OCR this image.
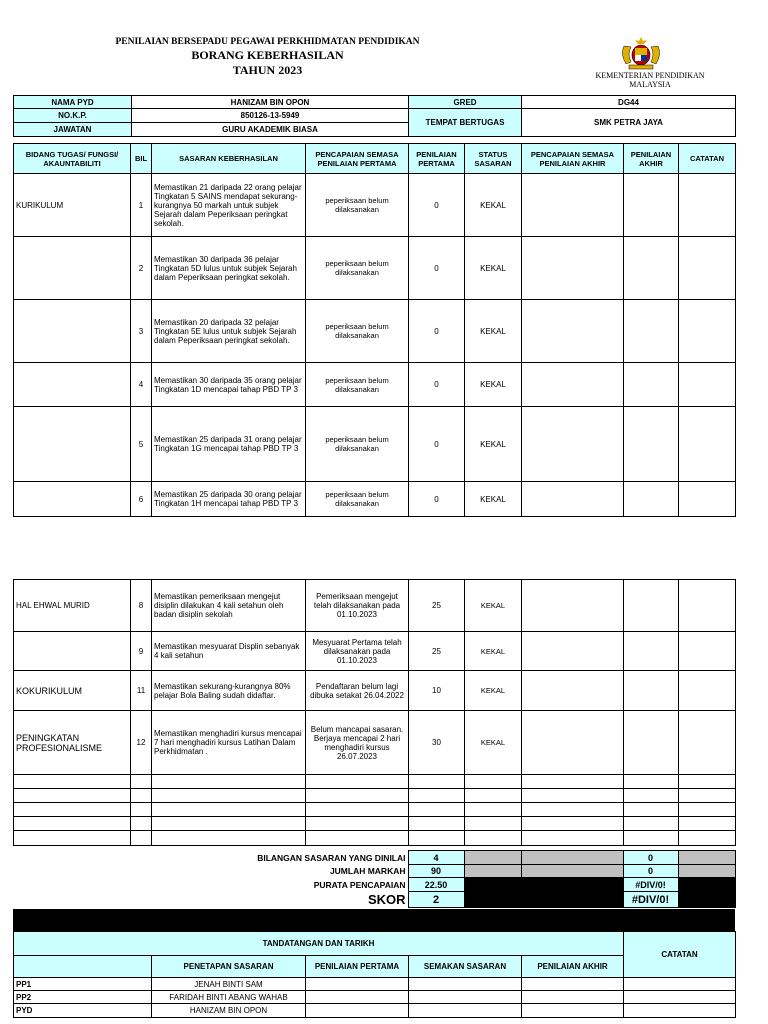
PENILAIAN BERSEPADU PEGAWAI PERKHIDMATAN PENDIDIKAN
BORANG KEBERHASILAN
TAHUN 2023	KEMENTERIAN PENDIDIKAN
MALAYSIA
NAMA PYD	HANIZAM BIN OPON	GRED	DG44
NO.K.P.	850126-13-5949	TEMPAT BERTUGAS	SMK PETRA JAYA
JAWATAN	GURU AKADEMIK BIASA		
BIDANG TUGAS/ FUNGSI/ AKAUNTABILITI	BIL	SASARAN KEBERHASILAN	PENCAPAIAN SEMASA PENILAIAN PERTAMA	PENILAIAN PERTAMA	STATUS SASARAN	PENCAPAIAN SEMASA PENILAIAN AKHIR	PENILAIAN AKHIR	CATATAN
KURIKULUM	1	Memastikan 21 daripada 22 orang pelajar Tingkatan 5 SAINS mendapat sekurang-kurangnya 50 markah untuk subjek Sejarah dalam Peperiksaan peringkat sekolah.	peperiksaan belum dilaksanakan	0	KEKAL			
	2	Memastikan 30 daripada 36 pelajar Tingkatan 5D lulus untuk subjek Sejarah dalam Peperiksaan peringkat sekolah.	peperiksaan belum dilaksanakan	0	KEKAL			
	3	Memastikan 20 daripada 32 pelajar Tingkatan 5E lulus untuk subjek Sejarah dalam Peperiksaan peringkat sekolah.	peperiksaan belum dilaksanakan	0	KEKAL			
	4	Memastikan 30 daripada 35 orang pelajar Tingkatan 1D mencapai tahap PBD TP 3	peperiksaan belum dilaksanakan	0	KEKAL			
	5	Memastikan 25 daripada 31 orang pelajar Tingkatan 1G mencapai tahap PBD TP 3	peperiksaan belum dilaksanakan	0	KEKAL			
	6	Memastikan 25 daripada 30 orang pelajar Tingkatan 1H mencapai tahap PBD TP 3	peperiksaan belum dilaksanakan	0	KEKAL			
HAL EHWAL MURID	8	Memastikan pemeriksaan mengejut disiplin dilakukan 4 kali setahun oleh badan disiplin sekolah	Pemeriksaan mengejut telah dilaksanakan pada 01.10.2023	25	KEKAL			
	9	Memastikan mesyuarat Displin sebanyak 4 kali setahun	Mesyuarat Pertama telah dilaksanakan pada 01.10.2023	25	KEKAL			
KOKURIKULUM	11	Memastikan sekurang-kurangnya 80% pelajar Bola Baling sudah didaftar.	Pendaftaran belum lagi dibuka setakat 26.04.2022	10	KEKAL			
PENINGKATAN PROFESIONALISME	12	Memastikan menghadiri kursus mencapai 7 hari menghadiri kursus Latihan Dalam Perkhidmatan .	Belum mancapai sasaran. Berjaya mencapai 2 hari menghadiri kursus 26.07.2023	30	KEKAL			

BILANGAN SASARAN YANG DINILAI	4			0	
JUMLAH MARKAH	90			0	
PURATA PENCAPAIAN	22.50			#DIV/0!	
SKOR	2			#DIV/0!	
TANDATANGAN DAN TARIKH					CATATAN
	PENETAPAN SASARAN	PENILAIAN PERTAMA	SEMAKAN SASARAN	PENILAIAN AKHIR	
PP1	JENAH BINTI SAM				
PP2	FARIDAH BINTI ABANG WAHAB				
PYD	HANIZAM BIN OPON				
